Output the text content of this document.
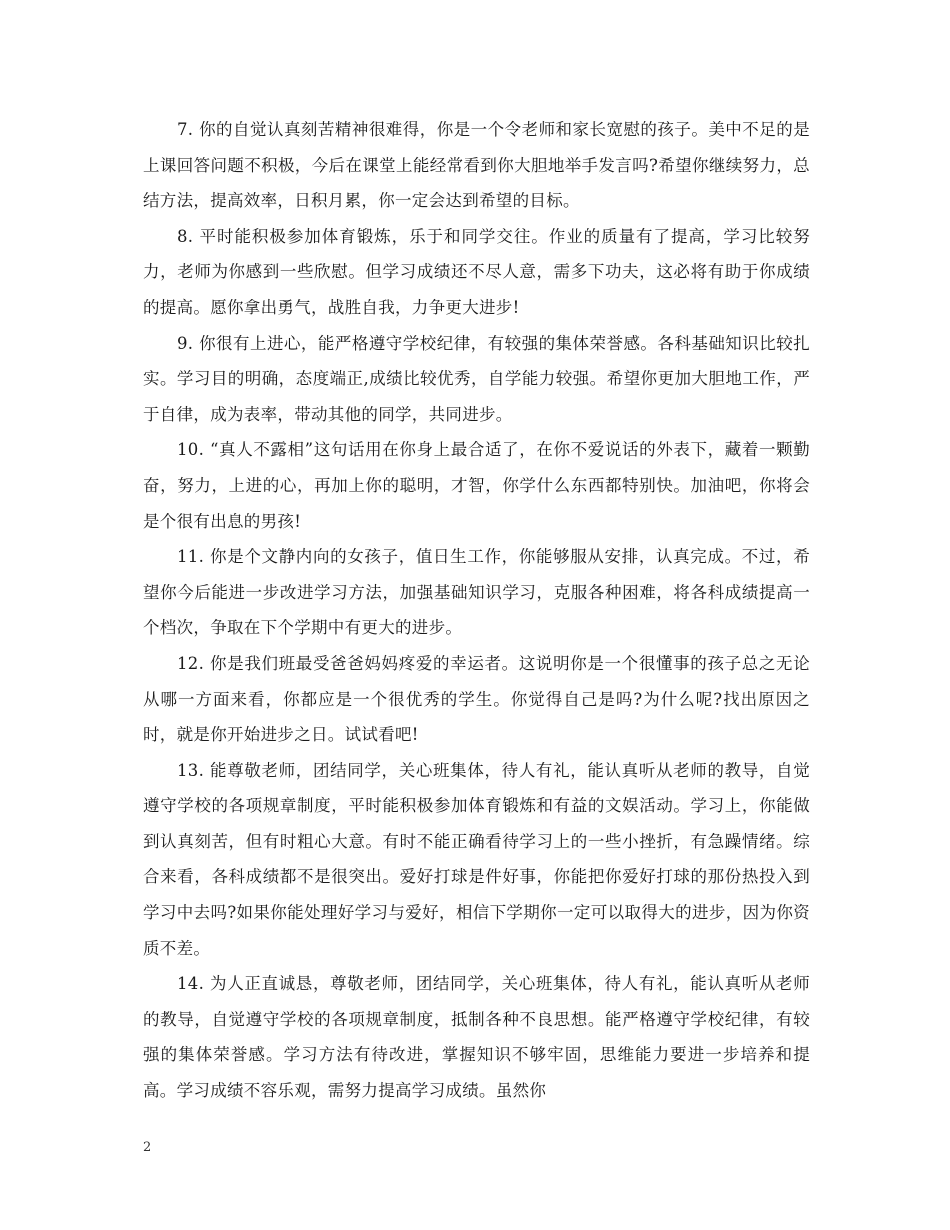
7. 你的自觉认真刻苦精神很难得，你是一个令老师和家长宽慰的孩子。美中不足的是上课回答问题不积极，今后在课堂上能经常看到你大胆地举手发言吗?希望你继续努力，总结方法，提高效率，日积月累，你一定会达到希望的目标。

8. 平时能积极参加体育锻炼，乐于和同学交往。作业的质量有了提高，学习比较努力，老师为你感到一些欣慰。但学习成绩还不尽人意，需多下功夫，这必将有助于你成绩的提高。愿你拿出勇气，战胜自我，力争更大进步!

9. 你很有上进心，能严格遵守学校纪律，有较强的集体荣誉感。各科基础知识比较扎实。学习目的明确，态度端正,成绩比较优秀，自学能力较强。希望你更加大胆地工作，严于自律，成为表率，带动其他的同学，共同进步。

10. “真人不露相”这句话用在你身上最合适了，在你不爱说话的外表下，藏着一颗勤奋，努力，上进的心，再加上你的聪明，才智，你学什么东西都特别快。加油吧，你将会是个很有出息的男孩!

11. 你是个文静内向的女孩子，值日生工作，你能够服从安排，认真完成。不过，希望你今后能进一步改进学习方法，加强基础知识学习，克服各种困难，将各科成绩提高一个档次，争取在下个学期中有更大的进步。

12. 你是我们班最受爸爸妈妈疼爱的幸运者。这说明你是一个很懂事的孩子总之无论从哪一方面来看，你都应是一个很优秀的学生。你觉得自己是吗?为什么呢?找出原因之时，就是你开始进步之日。试试看吧!

13. 能尊敬老师，团结同学，关心班集体，待人有礼，能认真听从老师的教导，自觉遵守学校的各项规章制度，平时能积极参加体育锻炼和有益的文娱活动。学习上，你能做到认真刻苦，但有时粗心大意。有时不能正确看待学习上的一些小挫折，有急躁情绪。综合来看，各科成绩都不是很突出。爱好打球是件好事，你能把你爱好打球的那份热投入到学习中去吗?如果你能处理好学习与爱好，相信下学期你一定可以取得大的进步，因为你资质不差。

14. 为人正直诚恳，尊敬老师，团结同学，关心班集体，待人有礼，能认真听从老师的教导，自觉遵守学校的各项规章制度，抵制各种不良思想。能严格遵守学校纪律，有较强的集体荣誉感。学习方法有待改进，掌握知识不够牢固，思维能力要进一步培养和提高。学习成绩不容乐观，需努力提高学习成绩。虽然你

2
